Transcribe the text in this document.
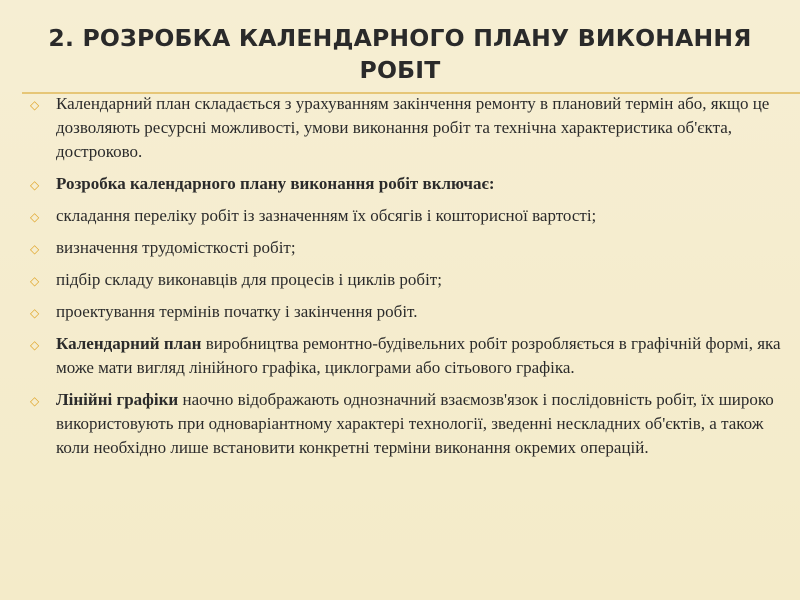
2. РОЗРОБКА КАЛЕНДАРНОГО ПЛАНУ ВИКОНАННЯ
РОБІТ
◇ Календарний план складається з урахуванням закінчення ремонту в плановий термін або, якщо це дозволяють ресурсні можливості, умови виконання робіт та технічна характеристика об'єкта, достроково.
◇ Розробка календарного плану виконання робіт включає:
◇ складання переліку робіт із зазначенням їх обсягів і кошторисної вартості;
◇ визначення трудомісткості робіт;
◇ підбір складу виконавців для процесів і циклів робіт;
◇ проектування термінів початку і закінчення робіт.
◇ Календарний план виробництва ремонтно-будівельних робіт розробляється в графічній формі, яка може мати вигляд лінійного графіка, циклограми або сітьового графіка.
◇ Лінійні графіки наочно відображають однозначний взаємозв'язок і послідовність робіт, їх широко використовують при одноваріантному характері технології, зведенні нескладних об'єктів, а також коли необхідно лише встановити конкретні терміни виконання окремих операцій.
